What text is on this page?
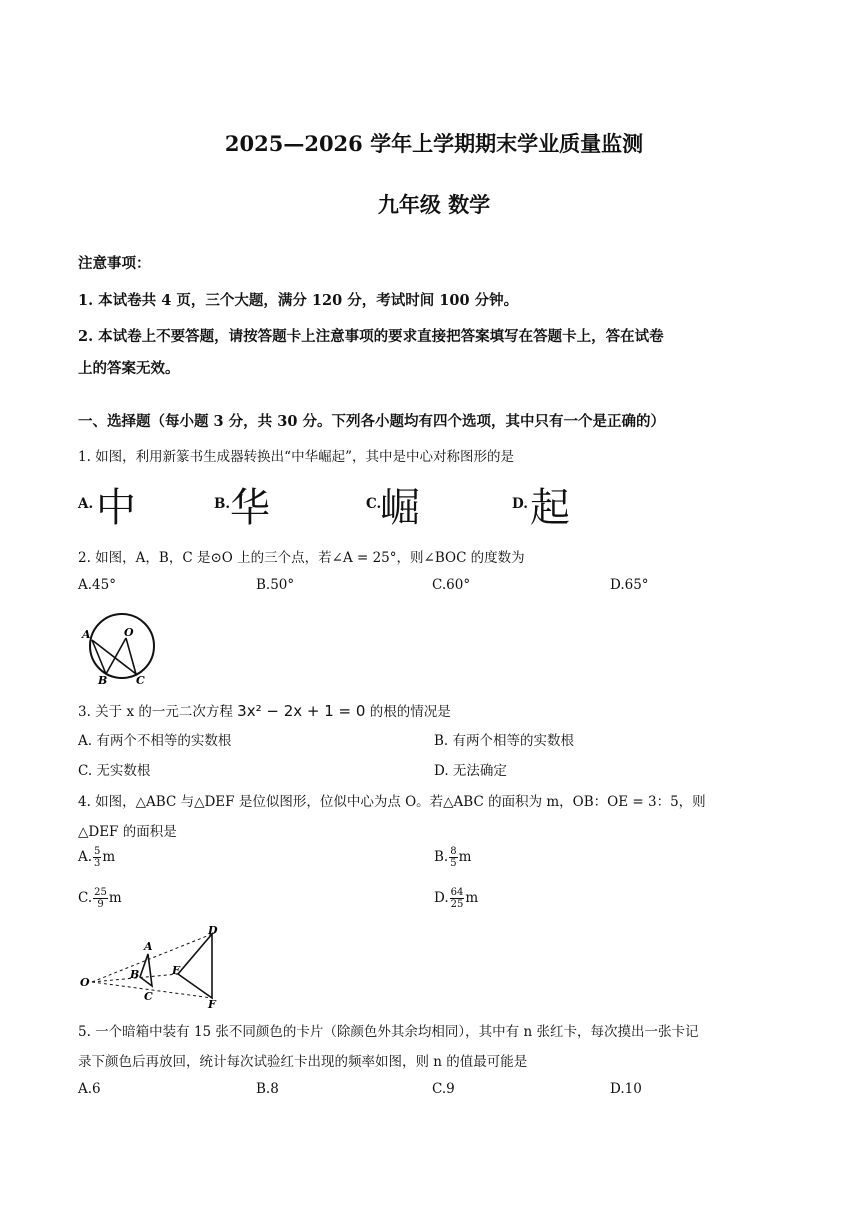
2025—2026 学年上学期期末学业质量监测
九年级 数学
注意事项：
1. 本试卷共 4 页，三个大题，满分 120 分，考试时间 100 分钟。
2. 本试卷上不要答题，请按答题卡上注意事项的要求直接把答案填写在答题卡上，答在试卷
上的答案无效。
一、选择题（每小题 3 分，共 30 分。下列各小题均有四个选项，其中只有一个是正确的）
1. 如图，利用新篆书生成器转换出“中华崛起”，其中是中心对称图形的是
A. 中	B. 华	C.
崛	D. 起
2. 如图，A，B，C 是⊙O 上的三个点，若∠A = 25°，则∠BOC 的度数为
A.45°	B.50°	C.60°	D.65°
A	O
B	C
3. 关于 x 的一元二次方程 3x² − 2x + 1 = 0 的根的情况是
A. 有两个不相等的实数根	B. 有两个相等的实数根
C. 无实数根	D. 无法确定
4. 如图，△ABC 与△DEF 是位似图形，位似中心为点 O。若△ABC 的面积为 m，OB：OE = 3：5，则
△DEF 的面积是
A. $\frac{5}{3}$ m	B. $\frac{8}{5}$ m
C. $\frac{25}{9}$ m	D. $\frac{64}{25}$ m
O
A
B
C
D
E
F
5. 一个暗箱中装有 15 张不同颜色的卡片（除颜色外其余均相同），其中有 n 张红卡，每次摸出一张卡记
录下颜色后再放回，统计每次试验红卡出现的频率如图，则 n 的值最可能是
A.6	B.8	C.9	D.10
